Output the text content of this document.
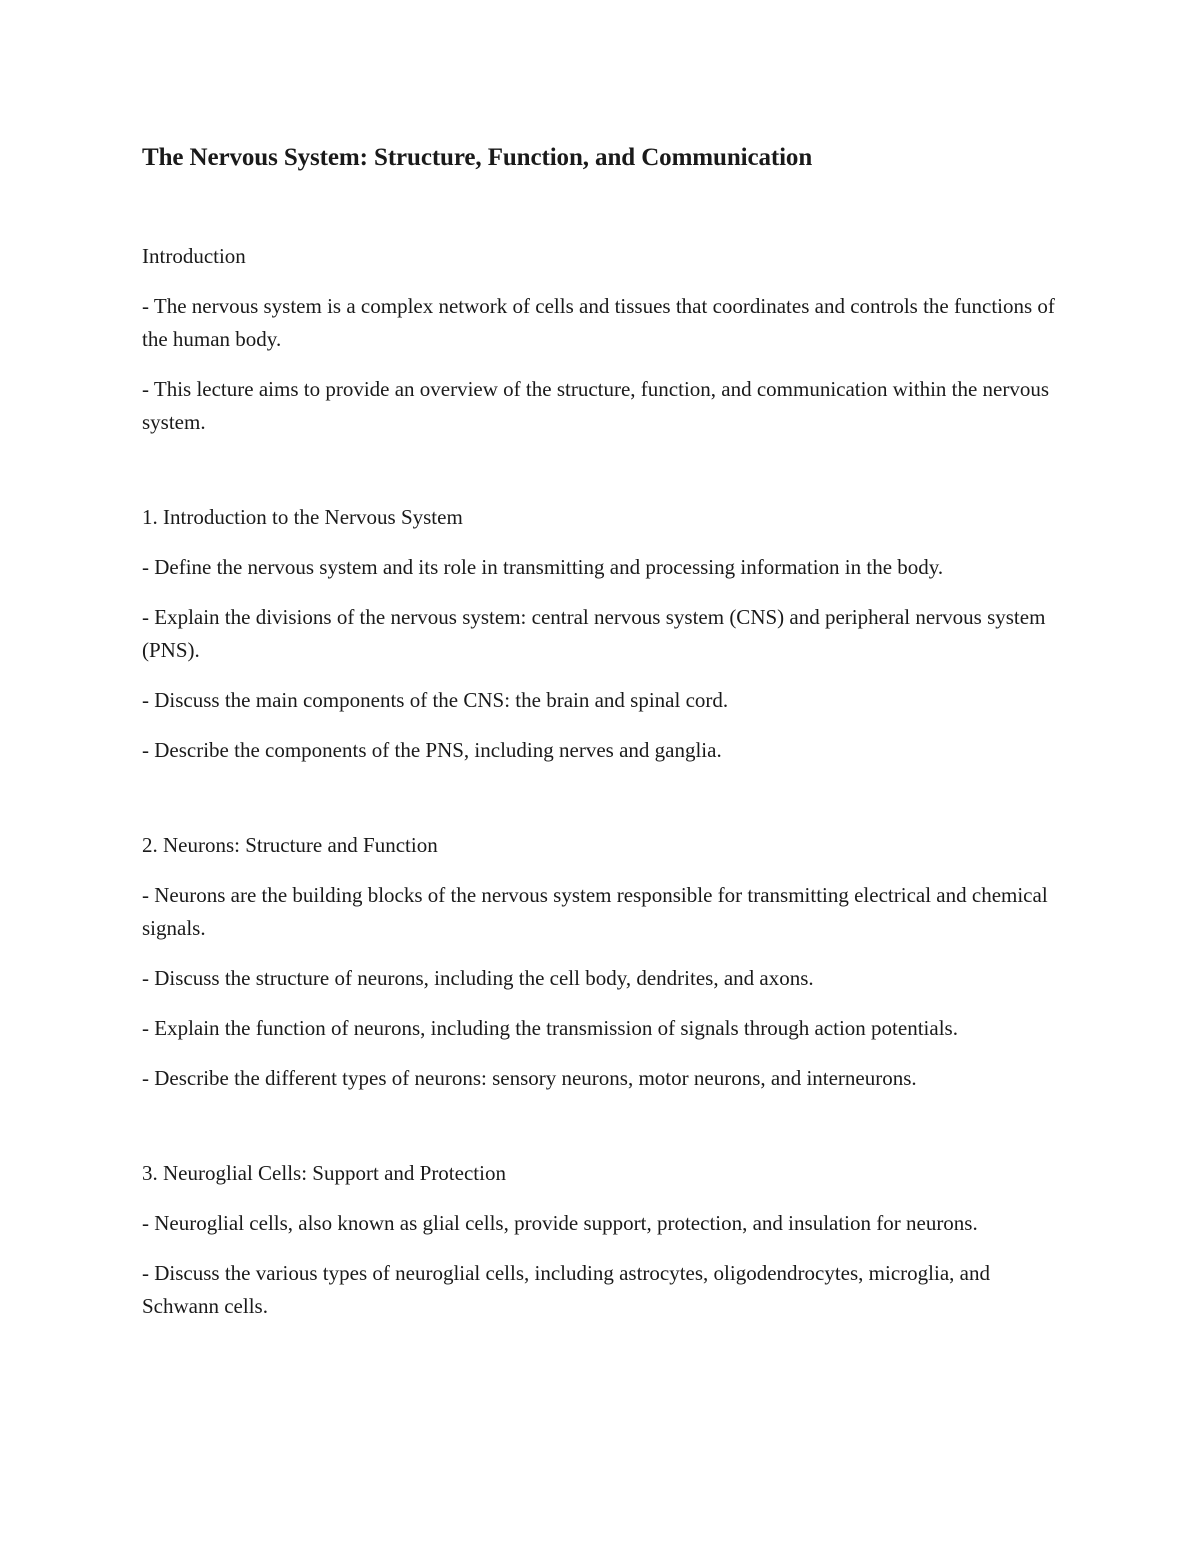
The Nervous System: Structure, Function, and Communication
Introduction

- The nervous system is a complex network of cells and tissues that coordinates and controls the functions of the human body.

- This lecture aims to provide an overview of the structure, function, and communication within the nervous system.

1. Introduction to the Nervous System

- Define the nervous system and its role in transmitting and processing information in the body.

- Explain the divisions of the nervous system: central nervous system (CNS) and peripheral nervous system (PNS).

- Discuss the main components of the CNS: the brain and spinal cord.

- Describe the components of the PNS, including nerves and ganglia.

2. Neurons: Structure and Function

- Neurons are the building blocks of the nervous system responsible for transmitting electrical and chemical signals.

- Discuss the structure of neurons, including the cell body, dendrites, and axons.

- Explain the function of neurons, including the transmission of signals through action potentials.

- Describe the different types of neurons: sensory neurons, motor neurons, and interneurons.

3. Neuroglial Cells: Support and Protection

- Neuroglial cells, also known as glial cells, provide support, protection, and insulation for neurons.

- Discuss the various types of neuroglial cells, including astrocytes, oligodendrocytes, microglia, and Schwann cells.
